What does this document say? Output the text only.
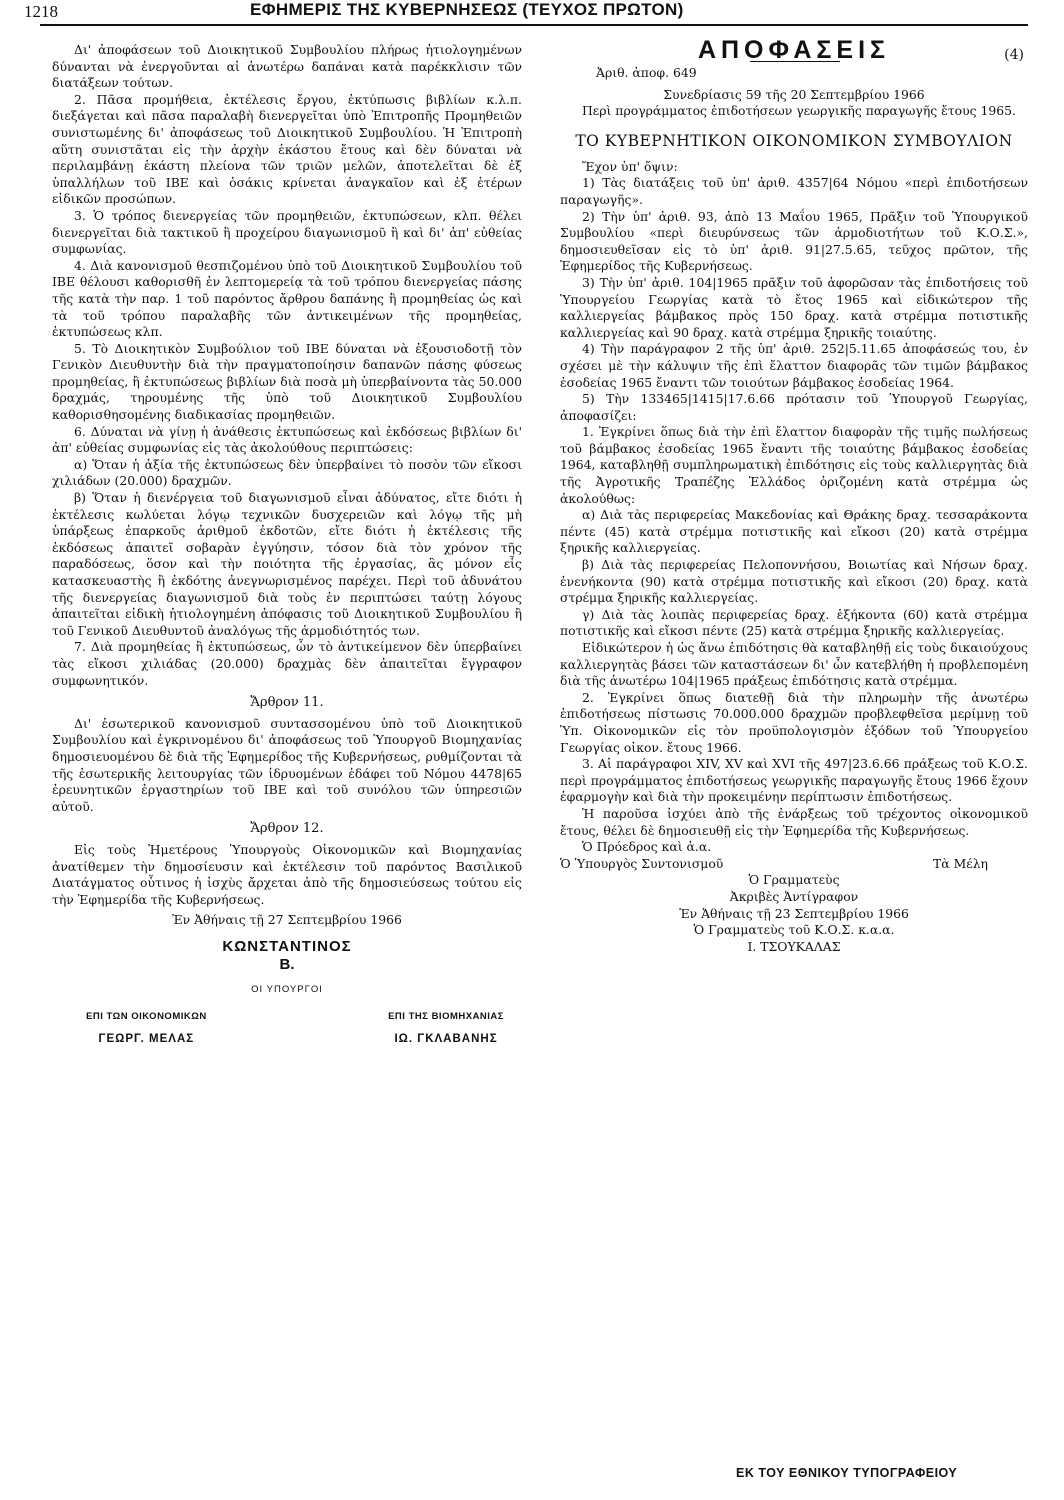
1218	ΕΦΗΜΕΡΙΣ ΤΗΣ ΚΥΒΕΡΝΗΣΕΩΣ (ΤΕΥΧΟΣ ΠΡΩΤΟΝ)

Δι' ἀποφάσεων τοῦ Διοικητικοῦ Συμβουλίου πλήρως ἠτιολογημένων δύνανται νὰ ἐνεργοῦνται αἱ ἀνωτέρω δαπάναι κατὰ παρέκκλισιν τῶν διατάξεων τούτων.

2. Πᾶσα προμήθεια, ἐκτέλεσις ἔργου, ἐκτύπωσις βιβλίων κ.λ.π. διεξάγεται καὶ πᾶσα παραλαβὴ διενεργεῖται ὑπὸ Ἐπιτροπῆς Προμηθειῶν συνιστωμένης δι' ἀποφάσεως τοῦ Διοικητικοῦ Συμβουλίου. Ἡ Ἐπιτροπὴ αὕτη συνιστᾶται εἰς τὴν ἀρχὴν ἑκάστου ἔτους καὶ δὲν δύναται νὰ περιλαμβάνῃ ἑκάστη πλείονα τῶν τριῶν μελῶν, ἀποτελεῖται δὲ ἐξ ὑπαλλήλων τοῦ ΙΒΕ καὶ ὁσάκις κρίνεται ἀναγκαῖον καὶ ἐξ ἑτέρων εἰδικῶν προσώπων.

3. Ὁ τρόπος διενεργείας τῶν προμηθειῶν, ἐκτυπώσεων, κλπ. θέλει διενεργεῖται διὰ τακτικοῦ ἢ προχείρου διαγωνισμοῦ ἢ καὶ δι' ἀπ' εὐθείας συμφωνίας.

4. Διὰ κανονισμοῦ θεσπιζομένου ὑπὸ τοῦ Διοικητικοῦ Συμβουλίου τοῦ ΙΒΕ θέλουσι καθορισθῆ ἐν λεπτομερείᾳ τὰ τοῦ τρόπου διενεργείας πάσης τῆς κατὰ τὴν παρ. 1 τοῦ παρόντος ἄρθρου δαπάνης ἢ προμηθείας ὡς καὶ τὰ τοῦ τρόπου παραλαβῆς τῶν ἀντικειμένων τῆς προμηθείας, ἐκτυπώσεως κλπ.

5. Τὸ Διοικητικὸν Συμβούλιον τοῦ ΙΒΕ δύναται νὰ ἐξουσιοδοτῇ τὸν Γενικὸν Διευθυντὴν διὰ τὴν πραγματοποίησιν δαπανῶν πάσης φύσεως προμηθείας, ἢ ἐκτυπώσεως βιβλίων διὰ ποσὰ μὴ ὑπερβαίνοντα τὰς 50.000 δραχμάς, τηρουμένης τῆς ὑπὸ τοῦ Διοικητικοῦ Συμβουλίου καθορισθησομένης διαδικασίας προμηθειῶν.

6. Δύναται νὰ γίνῃ ἡ ἀνάθεσις ἐκτυπώσεως καὶ ἐκδόσεως βιβλίων δι' ἀπ' εὐθείας συμφωνίας εἰς τὰς ἀκολούθους περιπτώσεις:

α) Ὅταν ἡ ἀξία τῆς ἐκτυπώσεως δὲν ὑπερβαίνει τὸ ποσὸν τῶν εἴκοσι χιλιάδων (20.000) δραχμῶν.

β) Ὅταν ἡ διενέργεια τοῦ διαγωνισμοῦ εἶναι ἀδύνατος, εἴτε διότι ἡ ἐκτέλεσις κωλύεται λόγῳ τεχνικῶν δυσχερειῶν καὶ λόγῳ τῆς μὴ ὑπάρξεως ἐπαρκοῦς ἀριθμοῦ ἐκδοτῶν, εἴτε διότι ἡ ἐκτέλεσις τῆς ἐκδόσεως ἀπαιτεῖ σοβαρὰν ἐγγύησιν, τόσον διὰ τὸν χρόνον τῆς παραδόσεως, ὅσον καὶ τὴν ποιότητα τῆς ἐργασίας, ἃς μόνον εἷς κατασκευαστὴς ἢ ἐκδότης ἀνεγνωρισμένος παρέχει. Περὶ τοῦ ἀδυνάτου τῆς διενεργείας διαγωνισμοῦ διὰ τοὺς ἐν περιπτώσει ταύτῃ λόγους ἀπαιτεῖται εἰδικὴ ἠτιολογημένη ἀπόφασις τοῦ Διοικητικοῦ Συμβουλίου ἢ τοῦ Γενικοῦ Διευθυντοῦ ἀναλόγως τῆς ἁρμοδιότητός των.

7. Διὰ προμηθείας ἢ ἐκτυπώσεως, ὧν τὸ ἀντικείμενον δὲν ὑπερβαίνει τὰς εἴκοσι χιλιάδας (20.000) δραχμὰς δὲν ἀπαιτεῖται ἔγγραφον συμφωνητικόν.

Ἄρθρον 11.

Δι' ἐσωτερικοῦ κανονισμοῦ συντασσομένου ὑπὸ τοῦ Διοικητικοῦ Συμβουλίου καὶ ἐγκρινομένου δι' ἀποφάσεως τοῦ Ὑπουργοῦ Βιομηχανίας δημοσιευομένου δὲ διὰ τῆς Ἐφημερίδος τῆς Κυβερνήσεως, ρυθμίζονται τὰ τῆς ἐσωτερικῆς λειτουργίας τῶν ἱδρυομένων ἐδάφει τοῦ Νόμου 4478|65 ἐρευνητικῶν ἐργαστηρίων τοῦ ΙΒΕ καὶ τοῦ συνόλου τῶν ὑπηρεσιῶν αὐτοῦ.

Ἄρθρον 12.

Εἰς τοὺς Ἡμετέρους Ὑπουργοὺς Οἰκονομικῶν καὶ Βιομηχανίας ἀνατίθεμεν τὴν δημοσίευσιν καὶ ἐκτέλεσιν τοῦ παρόντος Βασιλικοῦ Διατάγματος οὗτινος ἡ ἰσχὺς ἄρχεται ἀπὸ τῆς δημοσιεύσεως τούτου εἰς τὴν Ἐφημερίδα τῆς Κυβερνήσεως.

Ἐν Ἀθήναις τῇ 27 Σεπτεμβρίου 1966

ΚΩΝΣΤΑΝΤΙΝΟΣ

Β.

ΟΙ ΥΠΟΥΡΓΟΙ

ΕΠΙ ΤΩΝ ΟΙΚΟΝΟΜΙΚΩΝ
ΓΕΩΡΓ. ΜΕΛΑΣ
ΕΠΙ ΤΗΣ ΒΙΟΜΗΧΑΝΙΑΣ
ΙΩ. ΓΚΛΑΒΑΝΗΣ

ΑΠΟΦΑΣΕΙΣ

Ἀριθ. ἀποφ. 649
(4)

Συνεδρίασις 59 τῆς 20 Σεπτεμβρίου 1966

Περὶ προγράμματος ἐπιδοτήσεων γεωργικῆς παραγωγῆς ἔτους 1965.

ΤΟ ΚΥΒΕΡΝΗΤΙΚΟΝ ΟΙΚΟΝΟΜΙΚΟΝ ΣΥΜΒΟΥΛΙΟΝ

Ἔχον ὑπ' ὄψιν:

1) Τὰς διατάξεις τοῦ ὑπ' ἀριθ. 4357|64 Νόμου «περὶ ἐπιδοτήσεων παραγωγῆς».

2) Τὴν ὑπ' ἀριθ. 93, ἀπὸ 13 Μαΐου 1965, Πρᾶξιν τοῦ Ὑπουργικοῦ Συμβουλίου «περὶ διευρύνσεως τῶν ἁρμοδιοτήτων τοῦ Κ.Ο.Σ.», δημοσιευθεῖσαν εἰς τὸ ὑπ' ἀριθ. 91|27.5.65, τεῦχος πρῶτον, τῆς Ἐφημερίδος τῆς Κυβερνήσεως.

3) Τὴν ὑπ' ἀριθ. 104|1965 πρᾶξιν τοῦ ἀφορῶσαν τὰς ἐπιδοτήσεις τοῦ Ὑπουργείου Γεωργίας κατὰ τὸ ἔτος 1965 καὶ εἰδικώτερον τῆς καλλιεργείας βάμβακος πρὸς 150 δραχ. κατὰ στρέμμα ποτιστικῆς καλλιεργείας καὶ 90 δραχ. κατὰ στρέμμα ξηρικῆς τοιαύτης.

4) Τὴν παράγραφον 2 τῆς ὑπ' ἀριθ. 252|5.11.65 ἀποφάσεώς του, ἐν σχέσει μὲ τὴν κάλυψιν τῆς ἐπὶ ἔλαττον διαφορᾶς τῶν τιμῶν βάμβακος ἐσοδείας 1965 ἔναντι τῶν τοιούτων βάμβακος ἐσοδείας 1964.

5) Τὴν 133465|1415|17.6.66 πρότασιν τοῦ Ὑπουργοῦ Γεωργίας, ἀποφασίζει:

1. Ἐγκρίνει ὅπως διὰ τὴν ἐπὶ ἔλαττον διαφορὰν τῆς τιμῆς πωλήσεως τοῦ βάμβακος ἐσοδείας 1965 ἔναντι τῆς τοιαύτης βάμβακος ἐσοδείας 1964, καταβληθῇ συμπληρωματικὴ ἐπιδότησις εἰς τοὺς καλλιεργητὰς διὰ τῆς Ἀγροτικῆς Τραπέζης Ἑλλάδος ὁριζομένη κατὰ στρέμμα ὡς ἀκολούθως:

α) Διὰ τὰς περιφερείας Μακεδονίας καὶ Θράκης δραχ. τεσσαράκοντα πέντε (45) κατὰ στρέμμα ποτιστικῆς καὶ εἴκοσι (20) κατὰ στρέμμα ξηρικῆς καλλιεργείας.

β) Διὰ τὰς περιφερείας Πελοποννήσου, Βοιωτίας καὶ Νήσων δραχ. ἐνενήκοντα (90) κατὰ στρέμμα ποτιστικῆς καὶ εἴκοσι (20) δραχ. κατὰ στρέμμα ξηρικῆς καλλιεργείας.

γ) Διὰ τὰς λοιπὰς περιφερείας δραχ. ἑξήκοντα (60) κατὰ στρέμμα ποτιστικῆς καὶ εἴκοσι πέντε (25) κατὰ στρέμμα ξηρικῆς καλλιεργείας.

Εἰδικώτερον ἡ ὡς ἄνω ἐπιδότησις θὰ καταβληθῇ εἰς τοὺς δικαιούχους καλλιεργητὰς βάσει τῶν καταστάσεων δι' ὧν κατεβλήθη ἡ προβλεπομένη διὰ τῆς ἀνωτέρω 104|1965 πράξεως ἐπιδότησις κατὰ στρέμμα.

2. Ἐγκρίνει ὅπως διατεθῇ διὰ τὴν πληρωμὴν τῆς ἀνωτέρω ἐπιδοτήσεως πίστωσις 70.000.000 δραχμῶν προβλεφθεῖσα μερίμνῃ τοῦ Ὑπ. Οἰκονομικῶν εἰς τὸν προϋπολογισμὸν ἐξόδων τοῦ Ὑπουργείου Γεωργίας οἰκον. ἔτους 1966.

3. Αἱ παράγραφοι XIV, XV καὶ XVI τῆς 497|23.6.66 πράξεως τοῦ Κ.Ο.Σ. περὶ προγράμματος ἐπιδοτήσεως γεωργικῆς παραγωγῆς ἔτους 1966 ἔχουν ἐφαρμογὴν καὶ διὰ τὴν προκειμένην περίπτωσιν ἐπιδοτήσεως.

Ἡ παροῦσα ἰσχύει ἀπὸ τῆς ἐνάρξεως τοῦ τρέχοντος οἰκονομικοῦ ἔτους, θέλει δὲ δημοσιευθῇ εἰς τὴν Ἐφημερίδα τῆς Κυβερνήσεως.

Ὁ Πρόεδρος καὶ ἁ.α.

Ὁ Ὑπουργὸς Συντονισμοῦ	Τὰ Μέλη

Ὁ Γραμματεὺς

Ἀκριβὲς Ἀντίγραφον

Ἐν Ἀθήναις τῇ 23 Σεπτεμβρίου 1966

Ὁ Γραμματεὺς τοῦ Κ.Ο.Σ. κ.α.α.

Ι. ΤΣΟΥΚΑΛΑΣ

ΕΚ ΤΟΥ ΕΘΝΙΚΟΥ ΤΥΠΟΓΡΑΦΕΙΟΥ
